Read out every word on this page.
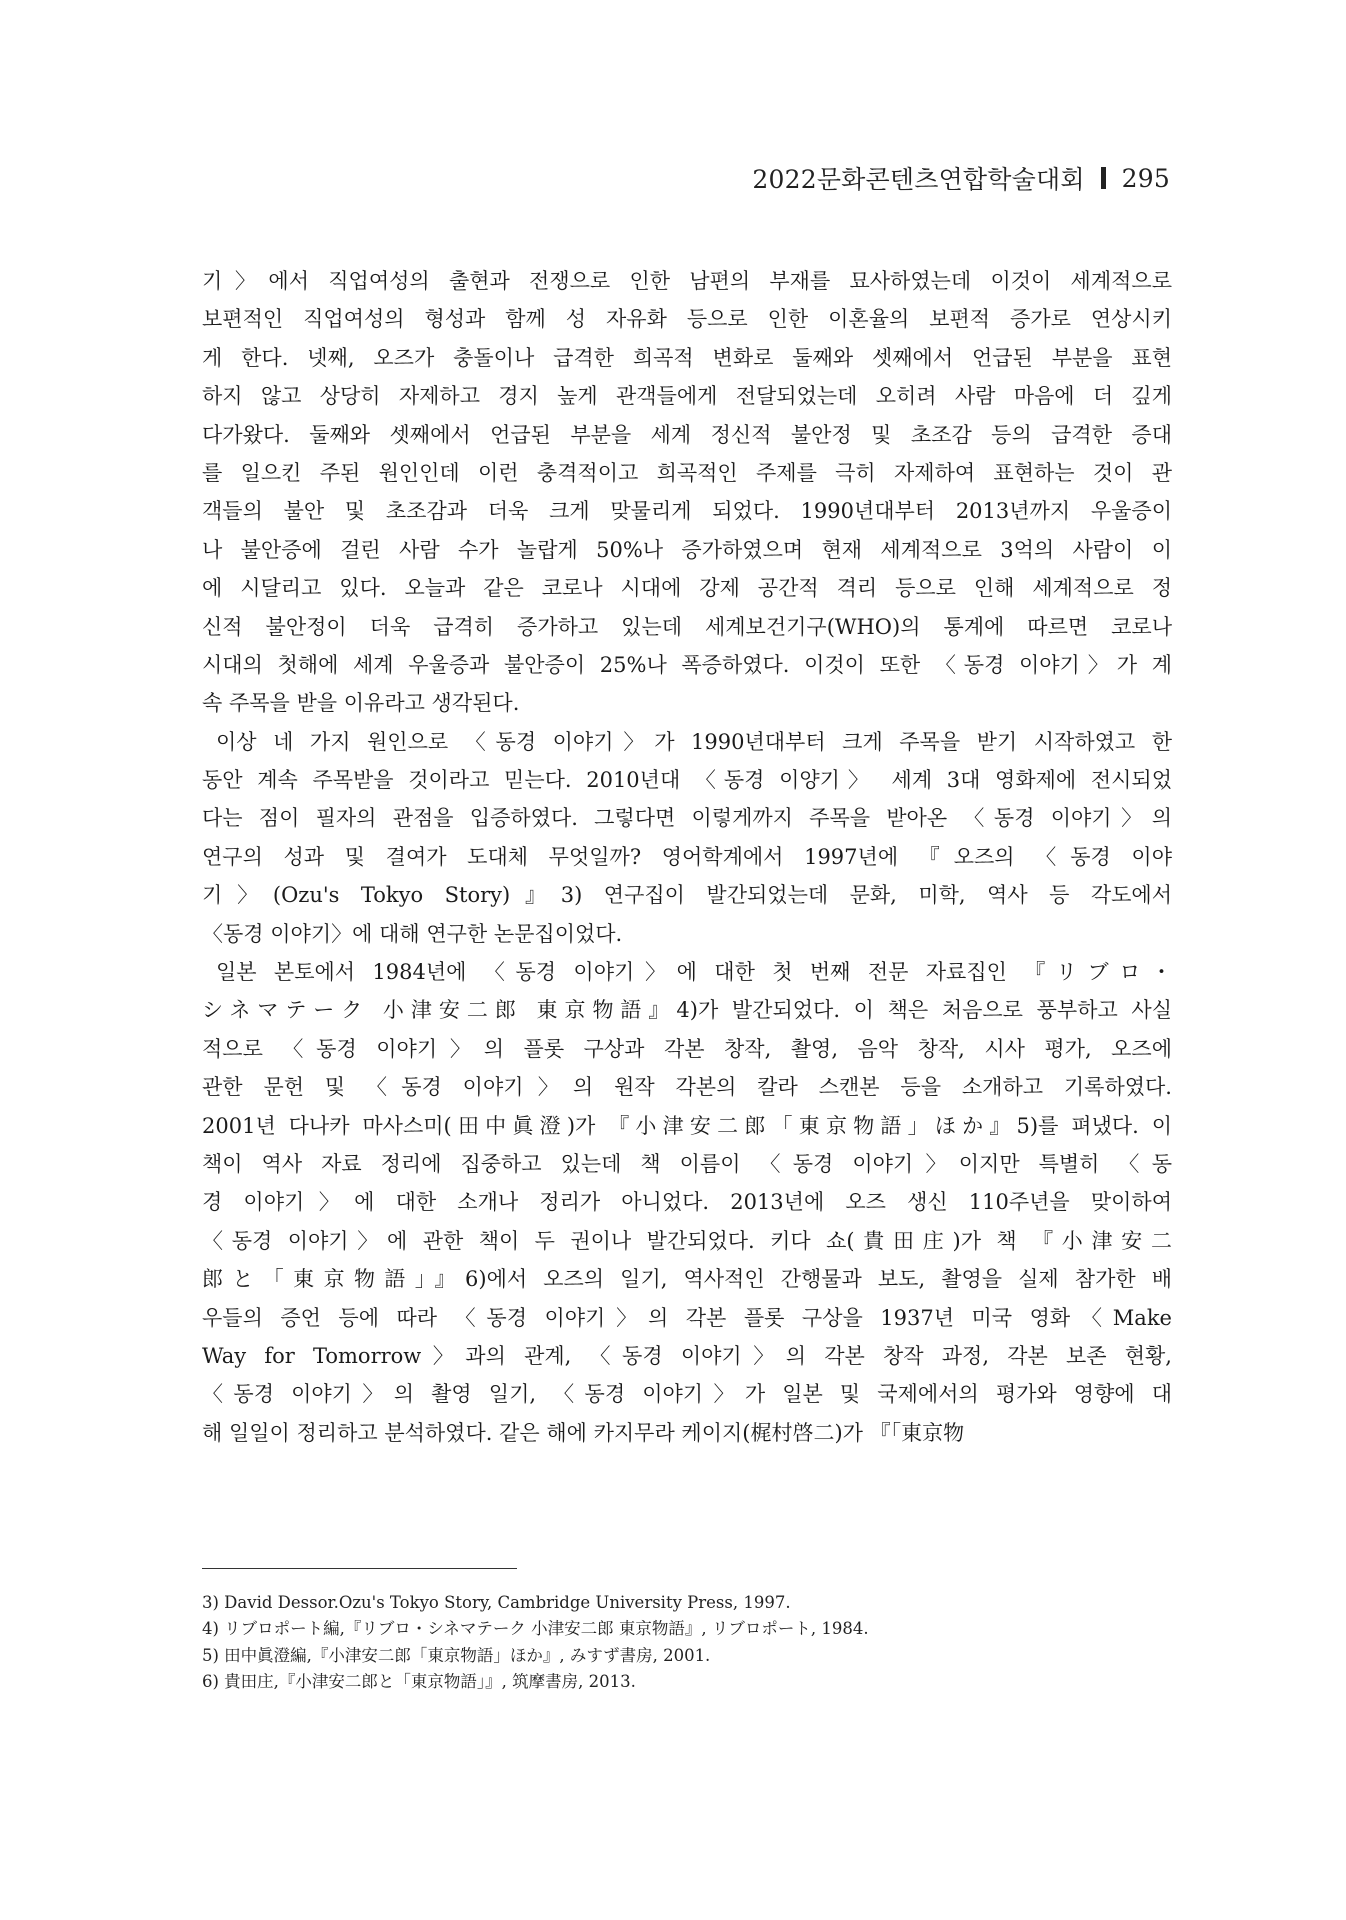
2022문화콘텐츠연합학술대회 295
기〉에서 직업여성의 출현과 전쟁으로 인한 남편의 부재를 묘사하였는데 이것이 세계적으로
보편적인 직업여성의 형성과 함께 성 자유화 등으로 인한 이혼율의 보편적 증가로 연상시키
게 한다. 넷째, 오즈가 충돌이나 급격한 희곡적 변화로 둘째와 셋째에서 언급된 부분을 표현
하지 않고 상당히 자제하고 경지 높게 관객들에게 전달되었는데 오히려 사람 마음에 더 깊게
다가왔다. 둘째와 셋째에서 언급된 부분을 세계 정신적 불안정 및 초조감 등의 급격한 증대
를 일으킨 주된 원인인데 이런 충격적이고 희곡적인 주제를 극히 자제하여 표현하는 것이 관
객들의 불안 및 초조감과 더욱 크게 맞물리게 되었다. 1990년대부터 2013년까지 우울증이
나 불안증에 걸린 사람 수가 놀랍게 50%나 증가하였으며 현재 세계적으로 3억의 사람이 이
에 시달리고 있다. 오늘과 같은 코로나 시대에 강제 공간적 격리 등으로 인해 세계적으로 정
신적 불안정이 더욱 급격히 증가하고 있는데 세계보건기구(WHO)의 통계에 따르면 코로나
시대의 첫해에 세계 우울증과 불안증이 25%나 폭증하였다. 이것이 또한 〈동경 이야기〉가 계
속 주목을 받을 이유라고 생각된다.
이상 네 가지 원인으로 〈동경 이야기〉가 1990년대부터 크게 주목을 받기 시작하였고 한
동안 계속 주목받을 것이라고 믿는다. 2010년대 〈동경 이양기〉 세계 3대 영화제에 전시되었
다는 점이 필자의 관점을 입증하였다. 그렇다면 이렇게까지 주목을 받아온 〈동경 이야기〉의
연구의 성과 및 결여가 도대체 무엇일까? 영어학계에서 1997년에 『오즈의 〈동경 이야
기〉(Ozu's Tokyo Story)』3) 연구집이 발간되었는데 문화, 미학, 역사 등 각도에서
〈동경 이야기〉에 대해 연구한 논문집이었다.
일본 본토에서 1984년에 〈동경 이야기〉에 대한 첫 번째 전문 자료집인 『リブロ・
シネマテーク 小津安二郎 東京物語』4)가 발간되었다. 이 책은 처음으로 풍부하고 사실
적으로 〈동경 이야기〉의 플롯 구상과 각본 창작, 촬영, 음악 창작, 시사 평가, 오즈에
관한 문헌 및 〈동경 이야기〉의 원작 각본의 칼라 스캔본 등을 소개하고 기록하였다.
2001년 다나카 마사스미(田中眞澄)가 『小津安二郎「東京物語」ほか』5)를 펴냈다. 이
책이 역사 자료 정리에 집중하고 있는데 책 이름이 〈동경 이야기〉이지만 특별히 〈동
경 이야기〉에 대한 소개나 정리가 아니었다. 2013년에 오즈 생신 110주년을 맞이하여
〈동경 이야기〉에 관한 책이 두 권이나 발간되었다. 키다 쇼(貴田庄)가 책 『小津安二
郎と「東京物語」』6)에서 오즈의 일기, 역사적인 간행물과 보도, 촬영을 실제 참가한 배
우들의 증언 등에 따라 〈동경 이야기〉의 각본 플롯 구상을 1937년 미국 영화〈Make
Way for Tomorrow〉과의 관계, 〈동경 이야기〉의 각본 창작 과정, 각본 보존 현황,
〈동경 이야기〉의 촬영 일기, 〈동경 이야기〉가 일본 및 국제에서의 평가와 영향에 대
해 일일이 정리하고 분석하였다. 같은 해에 카지무라 케이지(梶村啓二)가 『「東京物
3) David Dessor.Ozu's Tokyo Story, Cambridge University Press, 1997.
4) リブロポート編,『リブロ・シネマテーク 小津安二郎 東京物語』, リブロポート, 1984.
5) 田中眞澄編,『小津安二郎「東京物語」ほか』, みすず書房, 2001.
6) 貴田庄,『小津安二郎と「東京物語」』, 筑摩書房, 2013.
